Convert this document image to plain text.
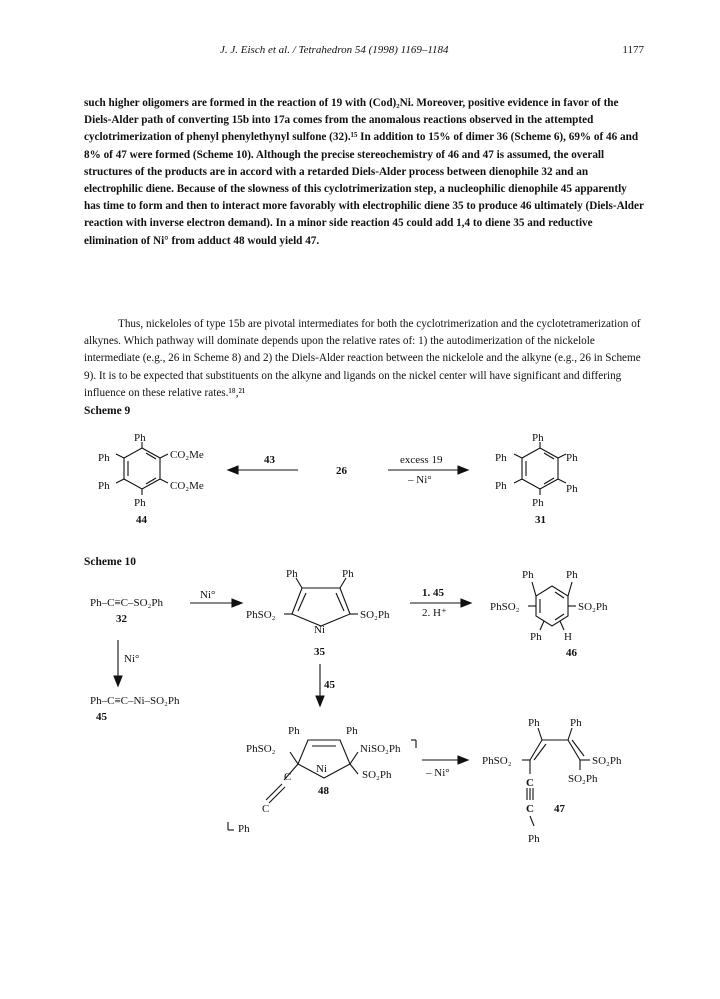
J. J. Eisch et al. / Tetrahedron 54 (1998) 1169–1184	1177
such higher oligomers are formed in the reaction of 19 with (Cod)₂Ni. Moreover, positive evidence in favor of the Diels-Alder path of converting 15b into 17a comes from the anomalous reactions observed in the attempted cyclotrimerization of phenyl phenylethynyl sulfone (32).¹⁵ In addition to 15% of dimer 36 (Scheme 6), 69% of 46 and 8% of 47 were formed (Scheme 10). Although the precise stereochemistry of 46 and 47 is assumed, the overall structures of the products are in accord with a retarded Diels-Alder process between dienophile 32 and an electrophilic diene. Because of the slowness of this cyclotrimerization step, a nucleophilic dienophile 45 apparently has time to form and then to interact more favorably with electrophilic diene 35 to produce 46 ultimately (Diels-Alder reaction with inverse electron demand). In a minor side reaction 45 could add 1,4 to diene 35 and reductive elimination of Ni° from adduct 48 would yield 47.
Thus, nickeloles of type 15b are pivotal intermediates for both the cyclotrimerization and the cyclotetramerization of alkynes. Which pathway will dominate depends upon the relative rates of: 1) the autodimerization of the nickelole intermediate (e.g., 26 in Scheme 8) and 2) the Diels-Alder reaction between the nickelole and the alkyne (e.g., 26 in Scheme 9). It is to be expected that substituents on the alkyne and ligands on the nickel center will have significant and differing influence on these relative rates.¹⁸,²¹
Scheme 9
Scheme 10
Ph
Ph
Ph
CO₂Me
CO₂Me
Ph
44
43
26
excess 19
– Ni°
Ph
Ph	Ph
Ph	Ph
Ph
31
Ph–C≡C–SO₂Ph
32
Ni°
Ni°
Ph–C≡C–Ni–SO₂Ph
45
Ph	Ph
PhSO₂	SO₂Ph
Ni
35
1. 45
2. H⁺
Ph	Ph
PhSO₂	SO₂Ph
Ph H
46
45
Ph	Ph
PhSO₂	NiSO₂Ph
Ni	SO₂Ph
C
C
Ph
48
– Ni°
Ph	Ph
PhSO₂	SO₂Ph
C	SO₂Ph
C 47
Ph
